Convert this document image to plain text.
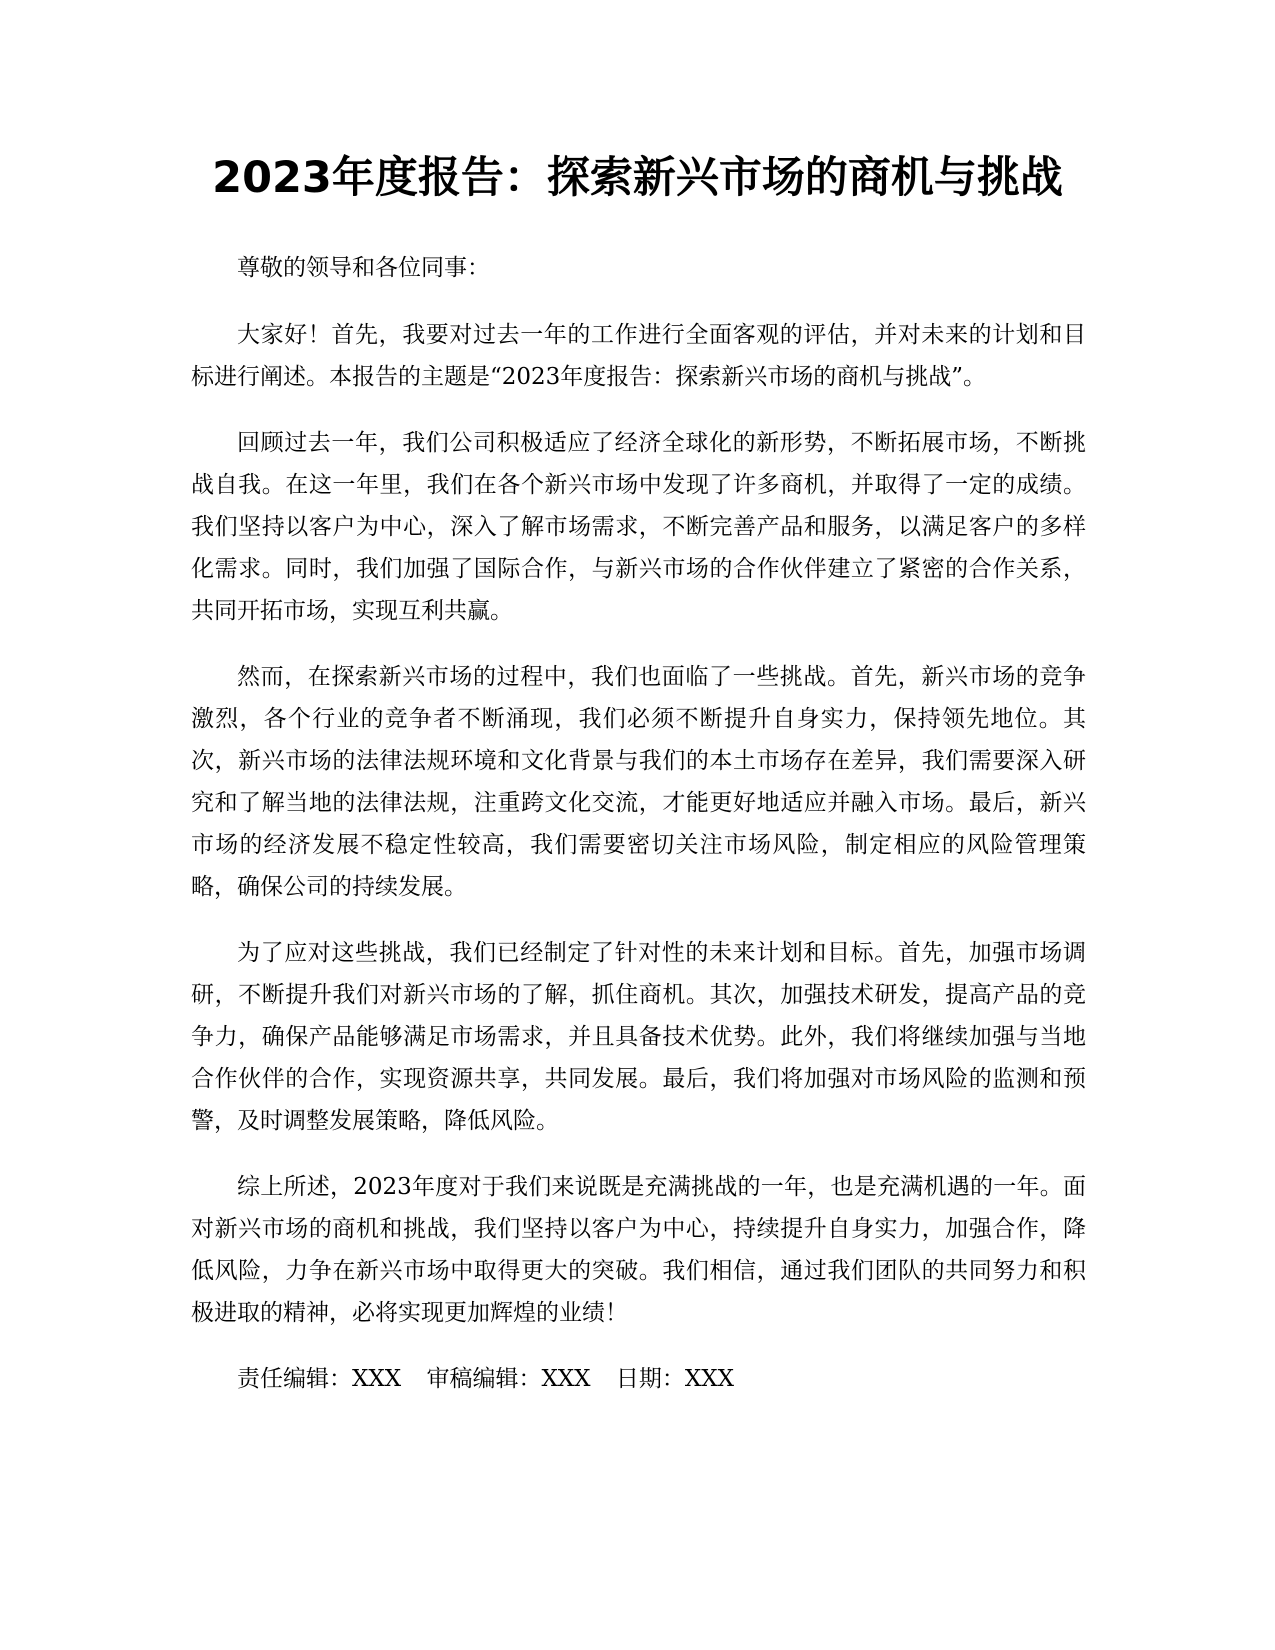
2023年度报告：探索新兴市场的商机与挑战

尊敬的领导和各位同事：

大家好！首先，我要对过去一年的工作进行全面客观的评估，并对未来的计划和目标进行阐述。本报告的主题是“2023年度报告：探索新兴市场的商机与挑战”。

回顾过去一年，我们公司积极适应了经济全球化的新形势，不断拓展市场，不断挑战自我。在这一年里，我们在各个新兴市场中发现了许多商机，并取得了一定的成绩。我们坚持以客户为中心，深入了解市场需求，不断完善产品和服务，以满足客户的多样化需求。同时，我们加强了国际合作，与新兴市场的合作伙伴建立了紧密的合作关系，共同开拓市场，实现互利共赢。

然而，在探索新兴市场的过程中，我们也面临了一些挑战。首先，新兴市场的竞争激烈，各个行业的竞争者不断涌现，我们必须不断提升自身实力，保持领先地位。其次，新兴市场的法律法规环境和文化背景与我们的本土市场存在差异，我们需要深入研究和了解当地的法律法规，注重跨文化交流，才能更好地适应并融入市场。最后，新兴市场的经济发展不稳定性较高，我们需要密切关注市场风险，制定相应的风险管理策略，确保公司的持续发展。

为了应对这些挑战，我们已经制定了针对性的未来计划和目标。首先，加强市场调研，不断提升我们对新兴市场的了解，抓住商机。其次，加强技术研发，提高产品的竞争力，确保产品能够满足市场需求，并且具备技术优势。此外，我们将继续加强与当地合作伙伴的合作，实现资源共享，共同发展。最后，我们将加强对市场风险的监测和预警，及时调整发展策略，降低风险。

综上所述，2023年度对于我们来说既是充满挑战的一年，也是充满机遇的一年。面对新兴市场的商机和挑战，我们坚持以客户为中心，持续提升自身实力，加强合作，降低风险，力争在新兴市场中取得更大的突破。我们相信，通过我们团队的共同努力和积极进取的精神，必将实现更加辉煌的业绩！

责任编辑：XXX 审稿编辑：XXX 日期：XXX
